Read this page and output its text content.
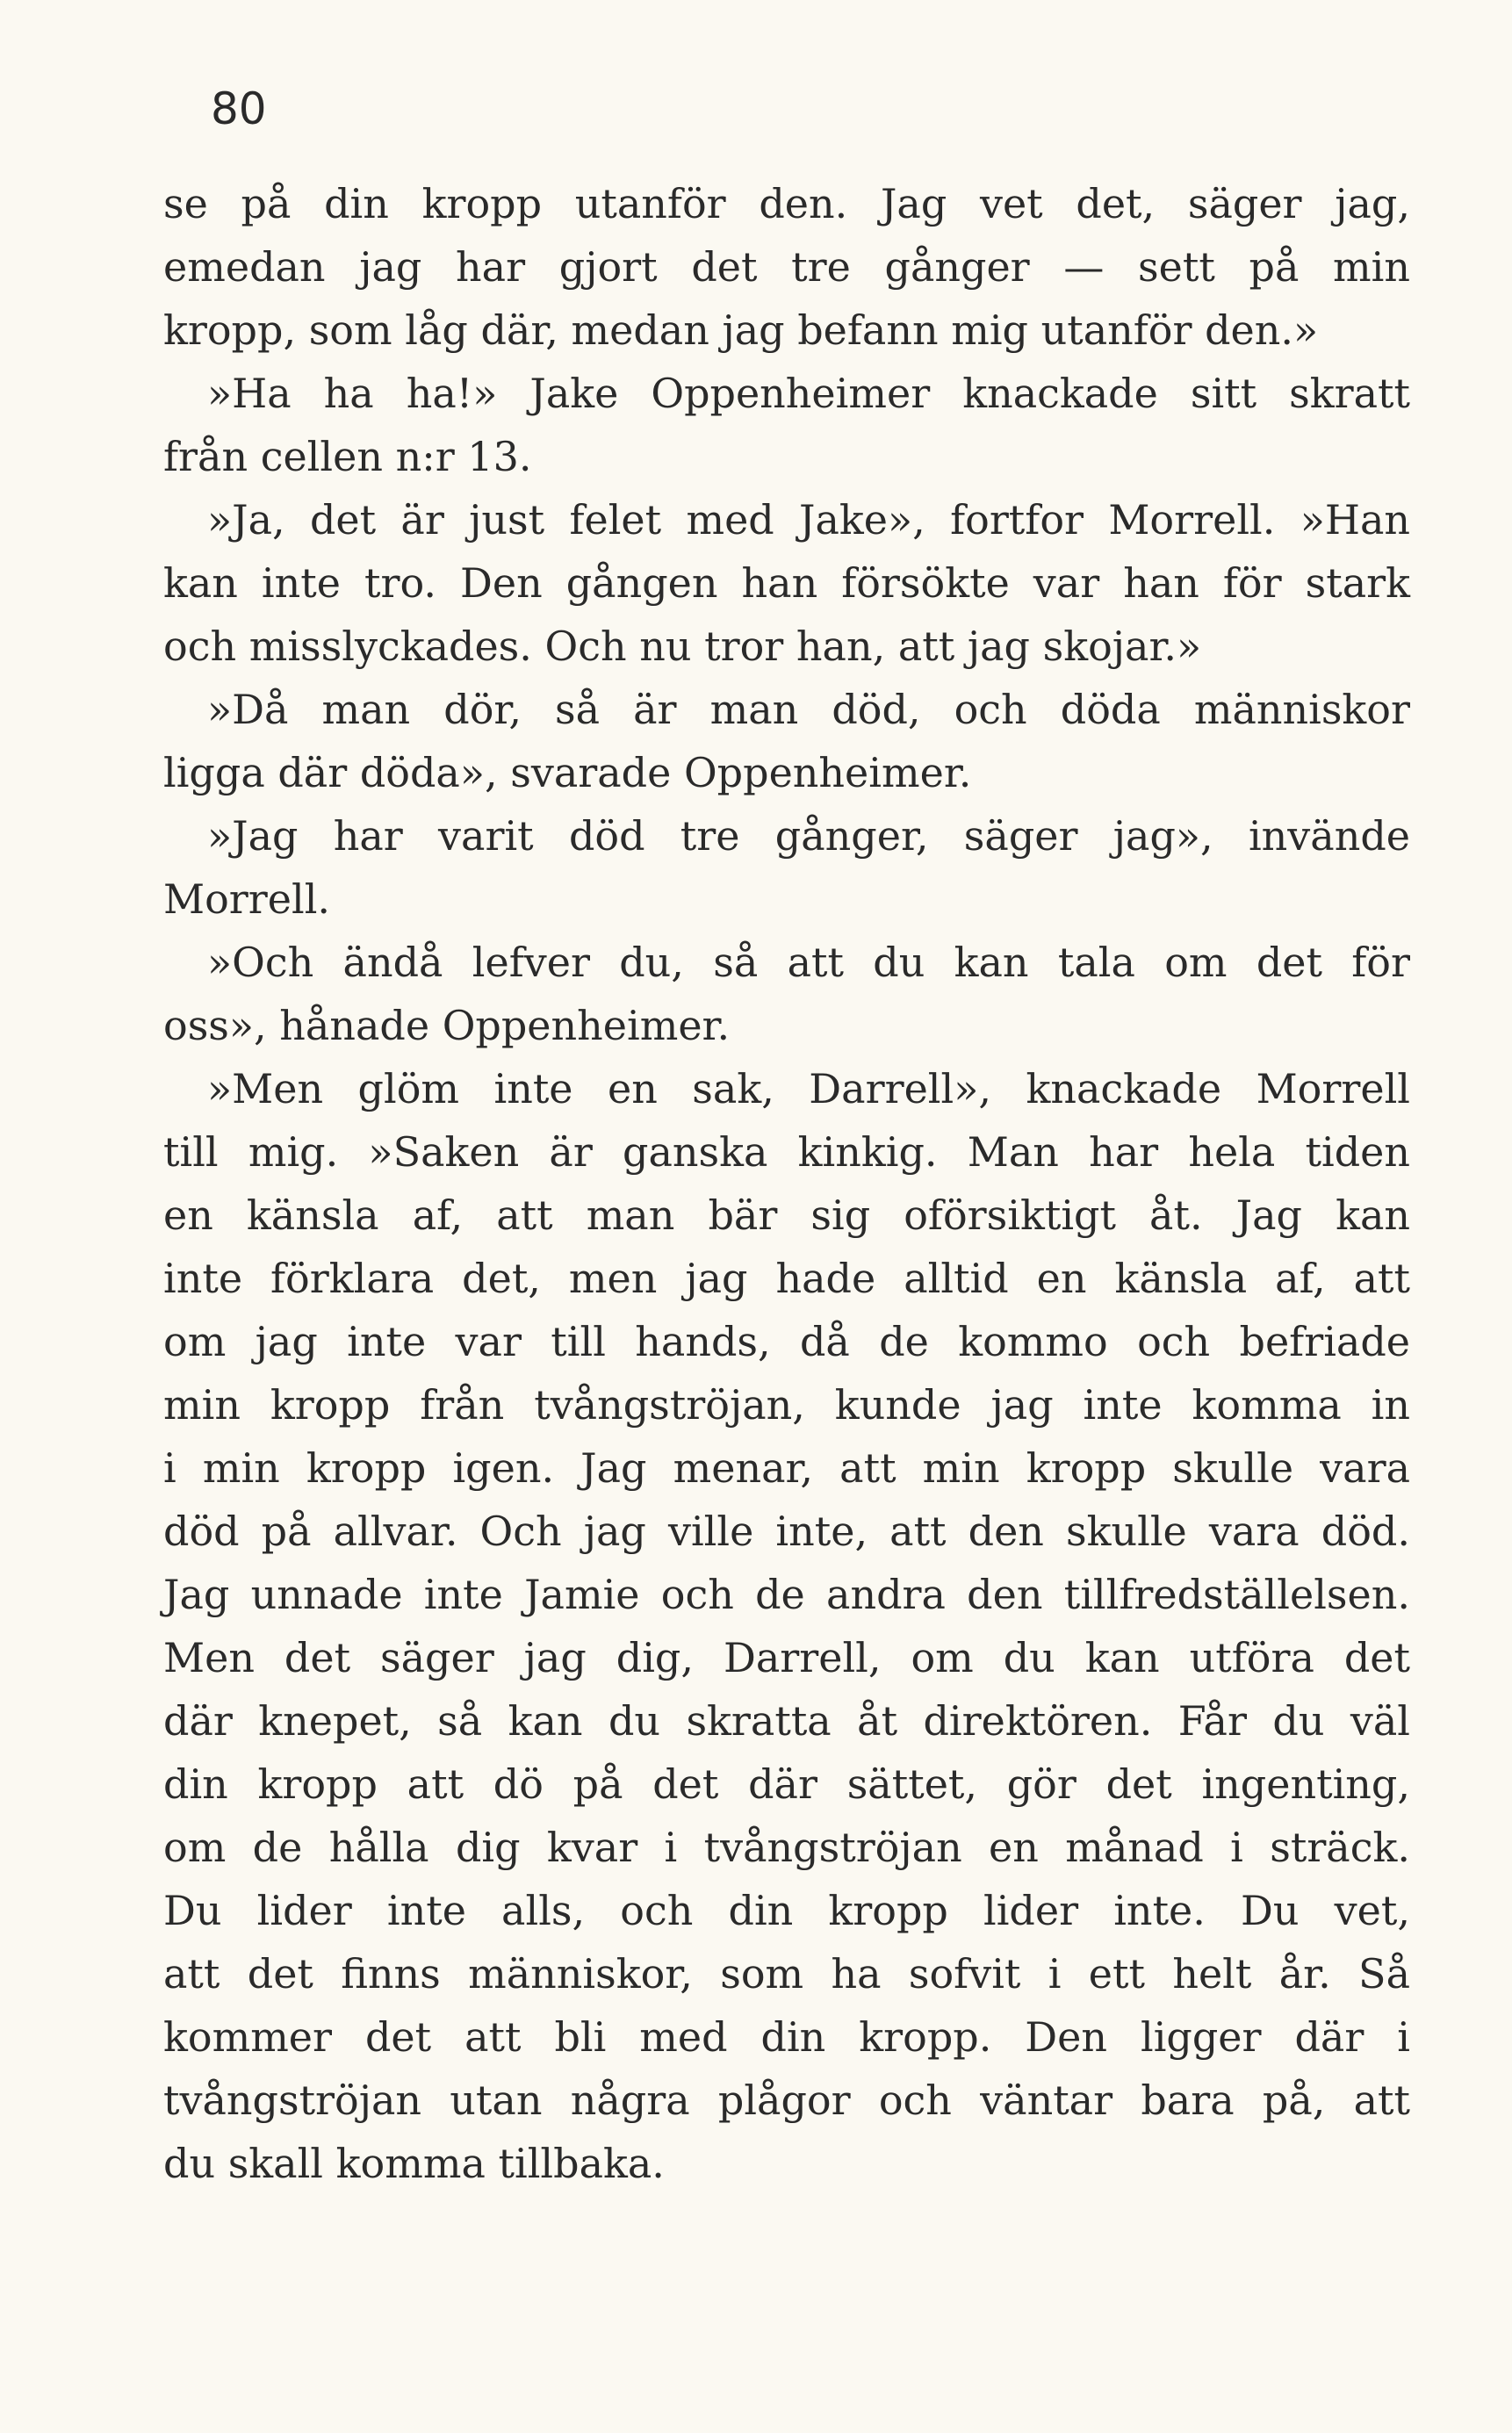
80
se på din kropp utanför den. Jag vet det, säger jag,
emedan jag har gjort det tre gånger — sett på min
kropp, som låg där, medan jag befann mig utanför den.»
»Ha ha ha!» Jake Oppenheimer knackade sitt skratt
från cellen n:r 13.
»Ja, det är just felet med Jake», fortfor Morrell. »Han
kan inte tro. Den gången han försökte var han för stark
och misslyckades. Och nu tror han, att jag skojar.»
»Då man dör, så är man död, och döda människor
ligga där döda», svarade Oppenheimer.
»Jag har varit död tre gånger, säger jag», invände
Morrell.
»Och ändå lefver du, så att du kan tala om det för
oss», hånade Oppenheimer.
»Men glöm inte en sak, Darrell», knackade Morrell
till mig. »Saken är ganska kinkig. Man har hela tiden
en känsla af, att man bär sig oförsiktigt åt. Jag kan
inte förklara det, men jag hade alltid en känsla af, att
om jag inte var till hands, då de kommo och befriade
min kropp från tvångströjan, kunde jag inte komma in
i min kropp igen. Jag menar, att min kropp skulle vara
död på allvar. Och jag ville inte, att den skulle vara död.
Jag unnade inte Jamie och de andra den tillfredställelsen.
Men det säger jag dig, Darrell, om du kan utföra det
där knepet, så kan du skratta åt direktören. Får du väl
din kropp att dö på det där sättet, gör det ingenting,
om de hålla dig kvar i tvångströjan en månad i sträck.
Du lider inte alls, och din kropp lider inte. Du vet,
att det finns människor, som ha sofvit i ett helt år. Så
kommer det att bli med din kropp. Den ligger där i
tvångströjan utan några plågor och väntar bara på, att
du skall komma tillbaka.
